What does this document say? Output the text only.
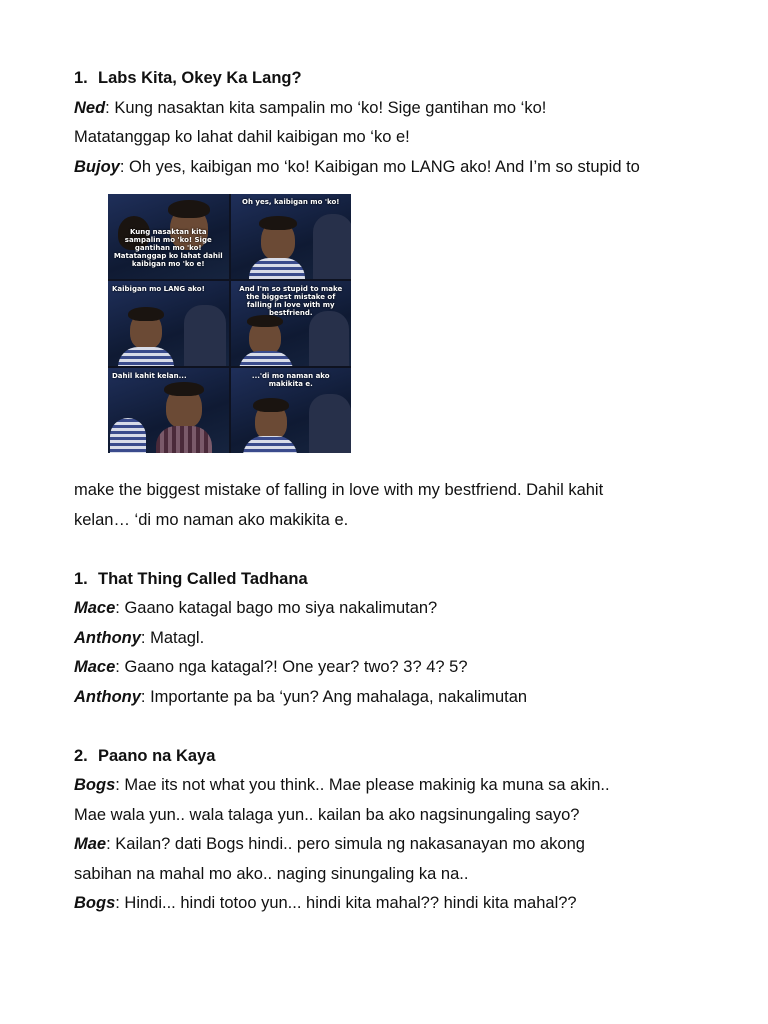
1. Labs Kita, Okey Ka Lang?
Ned: Kung nasaktan kita sampalin mo ‘ko! Sige gantihan mo ‘ko!
Matatanggap ko lahat dahil kaibigan mo ‘ko e!
Bujoy: Oh yes, kaibigan mo ‘ko! Kaibigan mo LANG ako! And I’m so stupid to
Kung nasaktan kita sampalin mo 'ko! Sige gantihan mo 'ko! Matatanggap ko lahat dahil kaibigan mo 'ko e!
Oh yes, kaibigan mo 'ko!
Kaibigan mo LANG ako!	And I'm so stupid to make the biggest mistake of falling in love with my bestfriend.
Dahil kahit kelan...	...'di mo naman ako makikita e.
make the biggest mistake of falling in love with my bestfriend. Dahil kahit
kelan… ‘di mo naman ako makikita e.
1. That Thing Called Tadhana
Mace: Gaano katagal bago mo siya nakalimutan?
Anthony: Matagl.
Mace: Gaano nga katagal?! One year? two? 3? 4? 5?
Anthony: Importante pa ba ‘yun? Ang mahalaga, nakalimutan
2. Paano na Kaya
Bogs: Mae its not what you think.. Mae please makinig ka muna sa akin..
Mae wala yun.. wala talaga yun.. kailan ba ako nagsinungaling sayo?
Mae: Kailan? dati Bogs hindi.. pero simula ng nakasanayan mo akong
sabihan na mahal mo ako.. naging sinungaling ka na..
Bogs: Hindi... hindi totoo yun... hindi kita mahal?? hindi kita mahal??
